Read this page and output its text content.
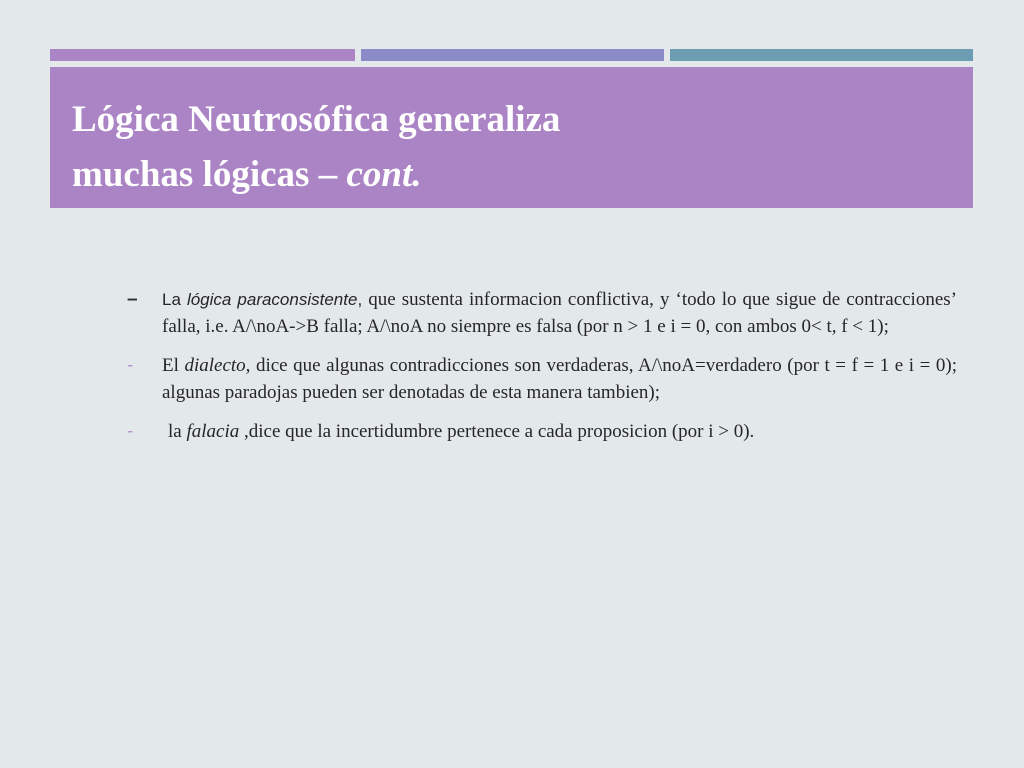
Lógica Neutrosófica generaliza
muchas lógicas – cont.
–	La lógica paraconsistente, que sustenta informacion conflictiva, y ‘todo lo que sigue de contracciones’ falla, i.e. A/\noA->B falla; A/\noA no siempre es falsa (por n > 1 e i = 0, con ambos 0< t, f < 1);
-	El dialecto, dice que algunas contradicciones son verdaderas, A/\noA=verdadero (por t = f = 1 e i = 0); algunas paradojas pueden ser denotadas de esta manera tambien);
-	la falacia ,dice que la incertidumbre pertenece a cada proposicion (por i > 0).
